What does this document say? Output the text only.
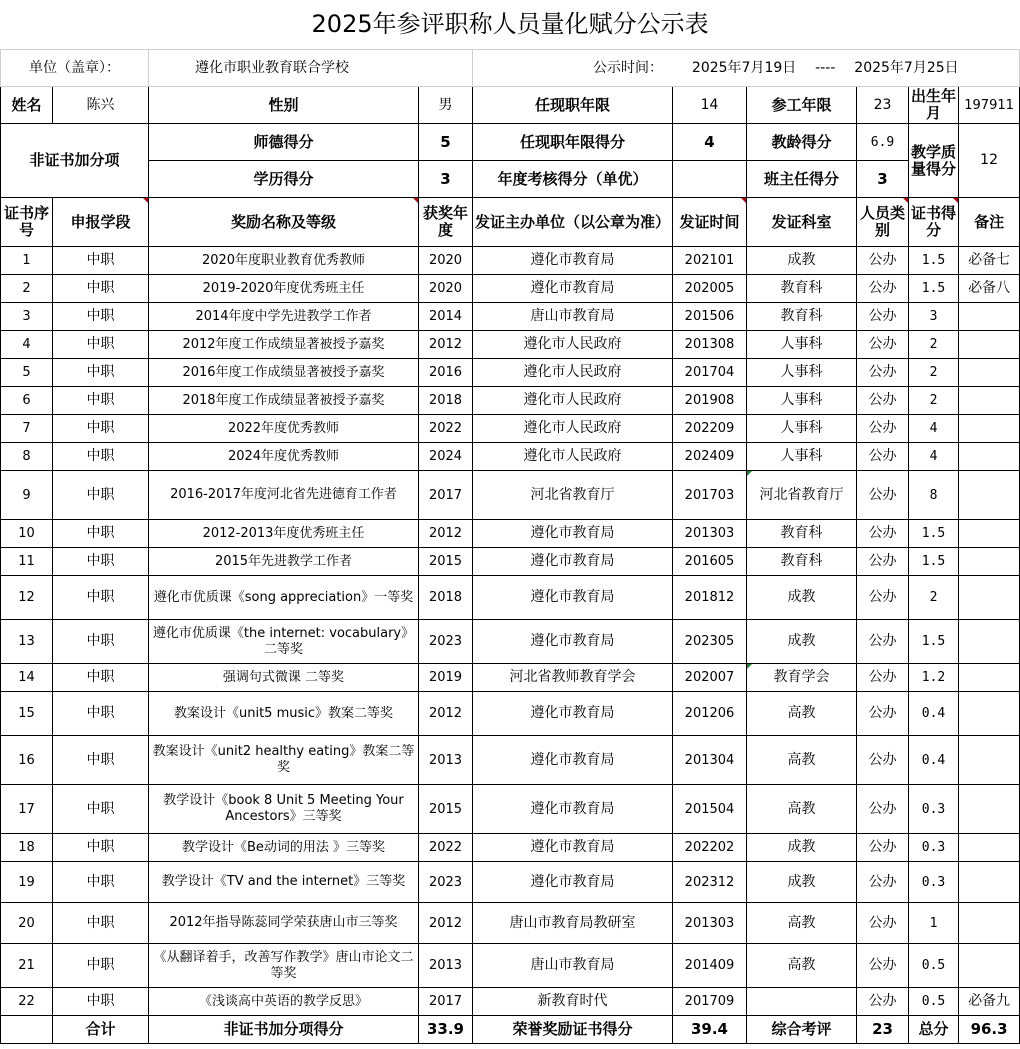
2025年参评职称人员量化赋分公示表									
单位（盖章）：		遵化市职业教育联合学校		公示时间： 2025年7月19日 ---- 2025年7月25日					
姓名	陈兴	性别	男	任现职年限	14	参工年限	23	出生年月	197911
非证书加分项		师德得分	5	任现职年限得分	4	教龄得分	6.9	教学质量得分	12
		学历得分	3	年度考核得分（单优）		班主任得分	3		
证书序号	申报学段	奖励名称及等级	获奖年度	发证主办单位（以公章为准）	发证时间	发证科室	人员类别	证书得分	备注
1	中职	2020年度职业教育优秀教师	2020	遵化市教育局	202101	成教	公办	1.5	必备七
2	中职	2019-2020年度优秀班主任	2020	遵化市教育局	202005	教育科	公办	1.5	必备八
3	中职	2014年度中学先进教学工作者	2014	唐山市教育局	201506	教育科	公办	3	
4	中职	2012年度工作成绩显著被授予嘉奖	2012	遵化市人民政府	201308	人事科	公办	2	
5	中职	2016年度工作成绩显著被授予嘉奖	2016	遵化市人民政府	201704	人事科	公办	2	
6	中职	2018年度工作成绩显著被授予嘉奖	2018	遵化市人民政府	201908	人事科	公办	2	
7	中职	2022年度优秀教师	2022	遵化市人民政府	202209	人事科	公办	4	
8	中职	2024年度优秀教师	2024	遵化市人民政府	202409	人事科	公办	4	
9	中职	2016-2017年度河北省先进德育工作者	2017	河北省教育厅	201703	河北省教育厅	公办	8	
10	中职	2012-2013年度优秀班主任	2012	遵化市教育局	201303	教育科	公办	1.5	
11	中职	2015年先进教学工作者	2015	遵化市教育局	201605	教育科	公办	1.5	
12	中职	遵化市优质课《song appreciation》一等奖	2018	遵化市教育局	201812	成教	公办	2	
13	中职	遵化市优质课《the internet: vocabulary》二等奖	2023	遵化市教育局	202305	成教	公办	1.5	
14	中职	强调句式微课 二等奖	2019	河北省教师教育学会	202007	教育学会	公办	1.2	
15	中职	教案设计《unit5 music》教案二等奖	2012	遵化市教育局	201206	高教	公办	0.4	
16	中职	教案设计《unit2 healthy eating》教案二等奖	2013	遵化市教育局	201304	高教	公办	0.4	
17	中职	教学设计《book 8 Unit 5 Meeting Your Ancestors》三等奖	2015	遵化市教育局	201504	高教	公办	0.3	
18	中职	教学设计《Be动词的用法 》三等奖	2022	遵化市教育局	202202	成教	公办	0.3	
19	中职	教学设计《TV and the internet》三等奖	2023	遵化市教育局	202312	成教	公办	0.3	
20	中职	2012年指导陈蕊同学荣获唐山市三等奖	2012	唐山市教育局教研室	201303	高教	公办	1	
21	中职	《从翻译着手，改善写作教学》唐山市论文二等奖	2013	唐山市教育局	201409	高教	公办	0.5	
22	中职	《浅谈高中英语的教学反思》	2017	新教育时代	201709		公办	0.5	必备九
	合计	非证书加分项得分	33.9	荣誉奖励证书得分	39.4	综合考评	23	总分	96.3
